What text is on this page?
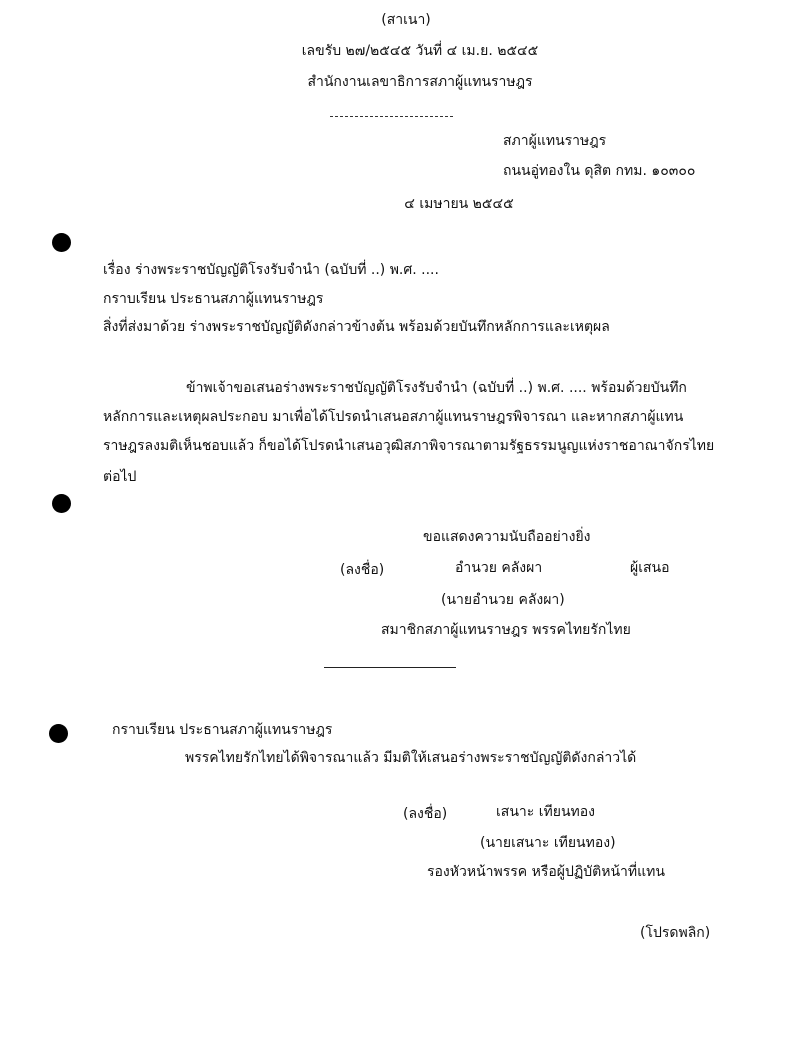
(สาเนา)
เลขรับ ๒๗/๒๕๔๕ วันที่ ๔ เม.ย. ๒๕๔๕
สำนักงานเลขาธิการสภาผู้แทนราษฎร
สภาผู้แทนราษฎร
ถนนอู่ทองใน ดุสิต กทม. ๑๐๓๐๐
๔ เมษายน ๒๕๔๕
เรื่อง ร่างพระราชบัญญัติโรงรับจำนำ (ฉบับที่ ..) พ.ศ. ....
กราบเรียน ประธานสภาผู้แทนราษฎร
สิ่งที่ส่งมาด้วย ร่างพระราชบัญญัติดังกล่าวข้างต้น พร้อมด้วยบันทึกหลักการและเหตุผล
ข้าพเจ้าขอเสนอร่างพระราชบัญญัติโรงรับจำนำ (ฉบับที่ ..) พ.ศ. .... พร้อมด้วยบันทึก
หลักการและเหตุผลประกอบ มาเพื่อได้โปรดนำเสนอสภาผู้แทนราษฎรพิจารณา และหากสภาผู้แทน
ราษฎรลงมติเห็นชอบแล้ว ก็ขอได้โปรดนำเสนอวุฒิสภาพิจารณาตามรัฐธรรมนูญแห่งราชอาณาจักรไทย
ต่อไป
ขอแสดงความนับถืออย่างยิ่ง
(ลงชื่อ)	อำนวย คลังผา	ผู้เสนอ
(นายอำนวย คลังผา)
สมาชิกสภาผู้แทนราษฎร พรรคไทยรักไทย
กราบเรียน ประธานสภาผู้แทนราษฎร
พรรคไทยรักไทยได้พิจารณาแล้ว มีมติให้เสนอร่างพระราชบัญญัติดังกล่าวได้
(ลงชื่อ)	เสนาะ เทียนทอง
(นายเสนาะ เทียนทอง)
รองหัวหน้าพรรค หรือผู้ปฏิบัติหน้าที่แทน
(โปรดพลิก)
